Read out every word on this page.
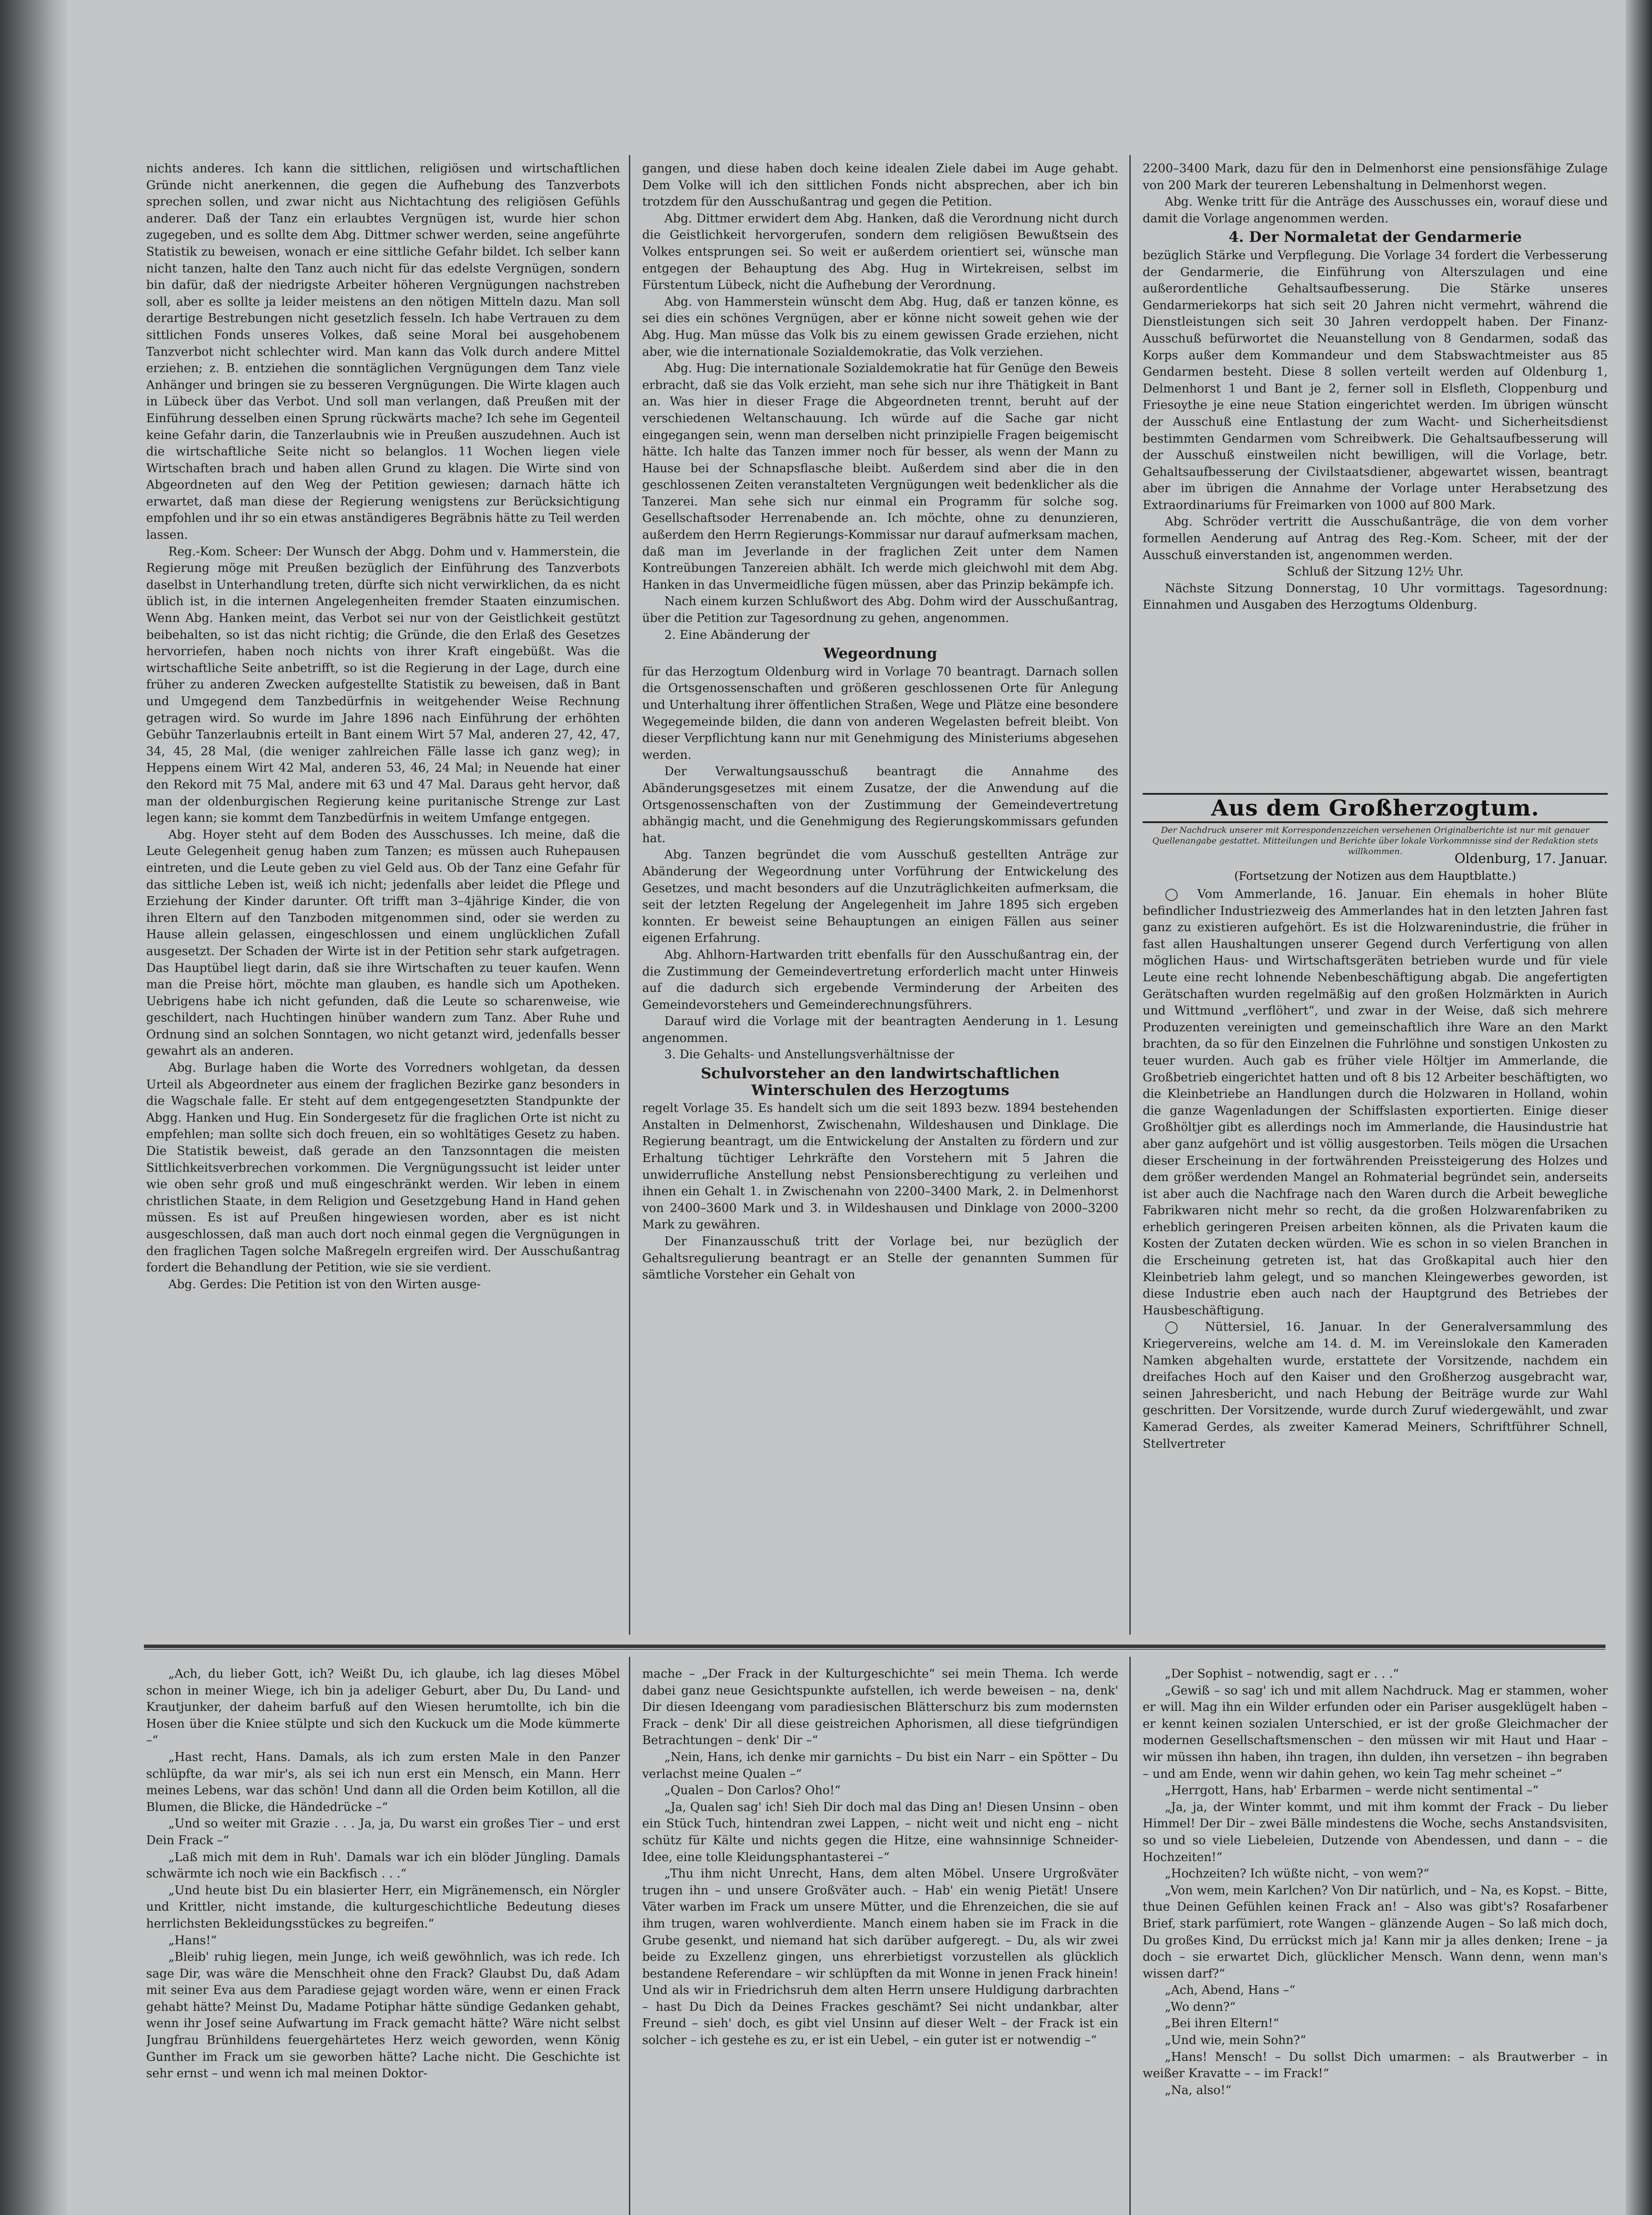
nichts anderes. Ich kann die sittlichen, religiösen und wirtschaftlichen Gründe nicht anerkennen, die gegen die Aufhebung des Tanzverbots sprechen sollen, und zwar nicht aus Nichtachtung des religiösen Gefühls anderer. Daß der Tanz ein erlaubtes Vergnügen ist, wurde hier schon zugegeben, und es sollte dem Abg. Dittmer schwer werden, seine angeführte Statistik zu beweisen, wonach er eine sittliche Gefahr bildet. Ich selber kann nicht tanzen, halte den Tanz auch nicht für das edelste Vergnügen, sondern bin dafür, daß der niedrigste Arbeiter höheren Vergnügungen nachstreben soll, aber es sollte ja leider meistens an den nötigen Mitteln dazu. Man soll derartige Bestrebungen nicht gesetzlich fesseln. Ich habe Vertrauen zu dem sittlichen Fonds unseres Volkes, daß seine Moral bei ausgehobenem Tanzverbot nicht schlechter wird. Man kann das Volk durch andere Mittel erziehen; z. B. entziehen die sonntäglichen Vergnügungen dem Tanz viele Anhänger und bringen sie zu besseren Vergnügungen. Die Wirte klagen auch in Lübeck über das Verbot. Und soll man verlangen, daß Preußen mit der Einführung desselben einen Sprung rückwärts mache? Ich sehe im Gegenteil keine Gefahr darin, die Tanzerlaubnis wie in Preußen auszudehnen. Auch ist die wirtschaftliche Seite nicht so belanglos. 11 Wochen liegen viele Wirtschaften brach und haben allen Grund zu klagen. Die Wirte sind von Abgeordneten auf den Weg der Petition gewiesen; darnach hätte ich erwartet, daß man diese der Regierung wenigstens zur Berücksichtigung empfohlen und ihr so ein etwas anständigeres Begräbnis hätte zu Teil werden lassen.

Reg.-Kom. Scheer: Der Wunsch der Abgg. Dohm und v. Hammerstein, die Regierung möge mit Preußen bezüglich der Einführung des Tanzverbots daselbst in Unterhandlung treten, dürfte sich nicht verwirklichen, da es nicht üblich ist, in die internen Angelegenheiten fremder Staaten einzumischen. Wenn Abg. Hanken meint, das Verbot sei nur von der Geistlichkeit gestützt beibehalten, so ist das nicht richtig; die Gründe, die den Erlaß des Gesetzes hervorriefen, haben noch nichts von ihrer Kraft eingebüßt. Was die wirtschaftliche Seite anbetrifft, so ist die Regierung in der Lage, durch eine früher zu anderen Zwecken aufgestellte Statistik zu beweisen, daß in Bant und Umgegend dem Tanzbedürfnis in weitgehender Weise Rechnung getragen wird. So wurde im Jahre 1896 nach Einführung der erhöhten Gebühr Tanzerlaubnis erteilt in Bant einem Wirt 57 Mal, anderen 27, 42, 47, 34, 45, 28 Mal, (die weniger zahlreichen Fälle lasse ich ganz weg); in Heppens einem Wirt 42 Mal, anderen 53, 46, 24 Mal; in Neuende hat einer den Rekord mit 75 Mal, andere mit 63 und 47 Mal. Daraus geht hervor, daß man der oldenburgischen Regierung keine puritanische Strenge zur Last legen kann; sie kommt dem Tanzbedürfnis in weitem Umfange entgegen.

Abg. Hoyer steht auf dem Boden des Ausschusses. Ich meine, daß die Leute Gelegenheit genug haben zum Tanzen; es müssen auch Ruhepausen eintreten, und die Leute geben zu viel Geld aus. Ob der Tanz eine Gefahr für das sittliche Leben ist, weiß ich nicht; jedenfalls aber leidet die Pflege und Erziehung der Kinder darunter. Oft trifft man 3–4jährige Kinder, die von ihren Eltern auf den Tanzboden mitgenommen sind, oder sie werden zu Hause allein gelassen, eingeschlossen und einem unglücklichen Zufall ausgesetzt. Der Schaden der Wirte ist in der Petition sehr stark aufgetragen. Das Hauptübel liegt darin, daß sie ihre Wirtschaften zu teuer kaufen. Wenn man die Preise hört, möchte man glauben, es handle sich um Apotheken. Uebrigens habe ich nicht gefunden, daß die Leute so scharenweise, wie geschildert, nach Huchtingen hinüber wandern zum Tanz. Aber Ruhe und Ordnung sind an solchen Sonntagen, wo nicht getanzt wird, jedenfalls besser gewahrt als an anderen.

Abg. Burlage haben die Worte des Vorredners wohlgetan, da dessen Urteil als Abgeordneter aus einem der fraglichen Bezirke ganz besonders in die Wagschale falle. Er steht auf dem entgegengesetzten Standpunkte der Abgg. Hanken und Hug. Ein Sondergesetz für die fraglichen Orte ist nicht zu empfehlen; man sollte sich doch freuen, ein so wohltätiges Gesetz zu haben. Die Statistik beweist, daß gerade an den Tanzsonntagen die meisten Sittlichkeitsverbrechen vorkommen. Die Vergnügungssucht ist leider unter wie oben sehr groß und muß eingeschränkt werden. Wir leben in einem christlichen Staate, in dem Religion und Gesetzgebung Hand in Hand gehen müssen. Es ist auf Preußen hingewiesen worden, aber es ist nicht ausgeschlossen, daß man auch dort noch einmal gegen die Vergnügungen in den fraglichen Tagen solche Maßregeln ergreifen wird. Der Ausschußantrag fordert die Behandlung der Petition, wie sie sie verdient.

Abg. Gerdes: Die Petition ist von den Wirten ausge-

gangen, und diese haben doch keine idealen Ziele dabei im Auge gehabt. Dem Volke will ich den sittlichen Fonds nicht absprechen, aber ich bin trotzdem für den Ausschußantrag und gegen die Petition.

Abg. Dittmer erwidert dem Abg. Hanken, daß die Verordnung nicht durch die Geistlichkeit hervorgerufen, sondern dem religiösen Bewußtsein des Volkes entsprungen sei. So weit er außerdem orientiert sei, wünsche man entgegen der Behauptung des Abg. Hug in Wirtekreisen, selbst im Fürstentum Lübeck, nicht die Aufhebung der Verordnung.

Abg. von Hammerstein wünscht dem Abg. Hug, daß er tanzen könne, es sei dies ein schönes Vergnügen, aber er könne nicht soweit gehen wie der Abg. Hug. Man müsse das Volk bis zu einem gewissen Grade erziehen, nicht aber, wie die internationale Sozialdemokratie, das Volk verziehen.

Abg. Hug: Die internationale Sozialdemokratie hat für Genüge den Beweis erbracht, daß sie das Volk erzieht, man sehe sich nur ihre Thätigkeit in Bant an. Was hier in dieser Frage die Abgeordneten trennt, beruht auf der verschiedenen Weltanschauung. Ich würde auf die Sache gar nicht eingegangen sein, wenn man derselben nicht prinzipielle Fragen beigemischt hätte. Ich halte das Tanzen immer noch für besser, als wenn der Mann zu Hause bei der Schnapsflasche bleibt. Außerdem sind aber die in den geschlossenen Zeiten veranstalteten Vergnügungen weit bedenklicher als die Tanzerei. Man sehe sich nur einmal ein Programm für solche sog. Gesellschaftsoder Herrenabende an. Ich möchte, ohne zu denunzieren, außerdem den Herrn Regierungs-Kommissar nur darauf aufmerksam machen, daß man im Jeverlande in der fraglichen Zeit unter dem Namen Kontreübungen Tanzereien abhält. Ich werde mich gleichwohl mit dem Abg. Hanken in das Unvermeidliche fügen müssen, aber das Prinzip bekämpfe ich.

Nach einem kurzen Schlußwort des Abg. Dohm wird der Ausschußantrag, über die Petition zur Tagesordnung zu gehen, angenommen.

2. Eine Abänderung der

Wegeordnung

für das Herzogtum Oldenburg wird in Vorlage 70 beantragt. Darnach sollen die Ortsgenossenschaften und größeren geschlossenen Orte für Anlegung und Unterhaltung ihrer öffentlichen Straßen, Wege und Plätze eine besondere Wegegemeinde bilden, die dann von anderen Wegelasten befreit bleibt. Von dieser Verpflichtung kann nur mit Genehmigung des Ministeriums abgesehen werden.

Der Verwaltungsausschuß beantragt die Annahme des Abänderungsgesetzes mit einem Zusatze, der die Anwendung auf die Ortsgenossenschaften von der Zustimmung der Gemeindevertretung abhängig macht, und die Genehmigung des Regierungskommissars gefunden hat.

Abg. Tanzen begründet die vom Ausschuß gestellten Anträge zur Abänderung der Wegeordnung unter Vorführung der Entwickelung des Gesetzes, und macht besonders auf die Unzuträglichkeiten aufmerksam, die seit der letzten Regelung der Angelegenheit im Jahre 1895 sich ergeben konnten. Er beweist seine Behauptungen an einigen Fällen aus seiner eigenen Erfahrung.

Abg. Ahlhorn-Hartwarden tritt ebenfalls für den Ausschußantrag ein, der die Zustimmung der Gemeindevertretung erforderlich macht unter Hinweis auf die dadurch sich ergebende Verminderung der Arbeiten des Gemeindevorstehers und Gemeinderechnungsführers.

Darauf wird die Vorlage mit der beantragten Aenderung in 1. Lesung angenommen.

3. Die Gehalts- und Anstellungsverhältnisse der

Schulvorsteher an den landwirtschaftlichen Winterschulen des Herzogtums

regelt Vorlage 35. Es handelt sich um die seit 1893 bezw. 1894 bestehenden Anstalten in Delmenhorst, Zwischenahn, Wildeshausen und Dinklage. Die Regierung beantragt, um die Entwickelung der Anstalten zu fördern und zur Erhaltung tüchtiger Lehrkräfte den Vorstehern mit 5 Jahren die unwiderrufliche Anstellung nebst Pensionsberechtigung zu verleihen und ihnen ein Gehalt 1. in Zwischenahn von 2200–3400 Mark, 2. in Delmenhorst von 2400–3600 Mark und 3. in Wildeshausen und Dinklage von 2000–3200 Mark zu gewähren.

Der Finanzausschuß tritt der Vorlage bei, nur bezüglich der Gehaltsregulierung beantragt er an Stelle der genannten Summen für sämtliche Vorsteher ein Gehalt von

2200–3400 Mark, dazu für den in Delmenhorst eine pensionsfähige Zulage von 200 Mark der teureren Lebenshaltung in Delmenhorst wegen.

Abg. Wenke tritt für die Anträge des Ausschusses ein, worauf diese und damit die Vorlage angenommen werden.

4. Der Normaletat der Gendarmerie

bezüglich Stärke und Verpflegung. Die Vorlage 34 fordert die Verbesserung der Gendarmerie, die Einführung von Alterszulagen und eine außerordentliche Gehaltsaufbesserung. Die Stärke unseres Gendarmeriekorps hat sich seit 20 Jahren nicht vermehrt, während die Dienstleistungen sich seit 30 Jahren verdoppelt haben. Der Finanz-Ausschuß befürwortet die Neuanstellung von 8 Gendarmen, sodaß das Korps außer dem Kommandeur und dem Stabswachtmeister aus 85 Gendarmen besteht. Diese 8 sollen verteilt werden auf Oldenburg 1, Delmenhorst 1 und Bant je 2, ferner soll in Elsfleth, Cloppenburg und Friesoythe je eine neue Station eingerichtet werden. Im übrigen wünscht der Ausschuß eine Entlastung der zum Wacht- und Sicherheitsdienst bestimmten Gendarmen vom Schreibwerk. Die Gehaltsaufbesserung will der Ausschuß einstweilen nicht bewilligen, will die Vorlage, betr. Gehaltsaufbesserung der Civilstaatsdiener, abgewartet wissen, beantragt aber im übrigen die Annahme der Vorlage unter Herabsetzung des Extraordinariums für Freimarken von 1000 auf 800 Mark.

Abg. Schröder vertritt die Ausschußanträge, die von dem vorher formellen Aenderung auf Antrag des Reg.-Kom. Scheer, mit der der Ausschuß einverstanden ist, angenommen werden.

Schluß der Sitzung 12½ Uhr.

Nächste Sitzung Donnerstag, 10 Uhr vormittags. Tagesordnung: Einnahmen und Ausgaben des Herzogtums Oldenburg.

Aus dem Großherzogtum.
Der Nachdruck unserer mit Korrespondenzzeichen versehenen Originalberichte ist nur mit genauer Quellenangabe gestattet. Mitteilungen und Berichte über lokale Vorkommnisse sind der Redaktion stets willkommen.	Oldenburg, 17. Januar.
(Fortsetzung der Notizen aus dem Hauptblatte.)

◯ Vom Ammerlande, 16. Januar. Ein ehemals in hoher Blüte befindlicher Industriezweig des Ammerlandes hat in den letzten Jahren fast ganz zu existieren aufgehört. Es ist die Holzwarenindustrie, die früher in fast allen Haushaltungen unserer Gegend durch Verfertigung von allen möglichen Haus- und Wirtschaftsgeräten betrieben wurde und für viele Leute eine recht lohnende Nebenbeschäftigung abgab. Die angefertigten Gerätschaften wurden regelmäßig auf den großen Holzmärkten in Aurich und Wittmund „verflöhert“, und zwar in der Weise, daß sich mehrere Produzenten vereinigten und gemeinschaftlich ihre Ware an den Markt brachten, da so für den Einzelnen die Fuhrlöhne und sonstigen Unkosten zu teuer wurden. Auch gab es früher viele Höltjer im Ammerlande, die Großbetrieb eingerichtet hatten und oft 8 bis 12 Arbeiter beschäftigten, wo die Kleinbetriebe an Handlungen durch die Holzwaren in Holland, wohin die ganze Wagenladungen der Schiffslasten exportierten. Einige dieser Großhöltjer gibt es allerdings noch im Ammerlande, die Hausindustrie hat aber ganz aufgehört und ist völlig ausgestorben. Teils mögen die Ursachen dieser Erscheinung in der fortwährenden Preissteigerung des Holzes und dem größer werdenden Mangel an Rohmaterial begründet sein, anderseits ist aber auch die Nachfrage nach den Waren durch die Arbeit bewegliche Fabrikwaren nicht mehr so recht, da die großen Holzwarenfabriken zu erheblich geringeren Preisen arbeiten können, als die Privaten kaum die Kosten der Zutaten decken würden. Wie es schon in so vielen Branchen in die Erscheinung getreten ist, hat das Großkapital auch hier den Kleinbetrieb lahm gelegt, und so manchen Kleingewerbes geworden, ist diese Industrie eben auch nach der Hauptgrund des Betriebes der Hausbeschäftigung.

◯ Nüttersiel, 16. Januar. In der Generalversammlung des Kriegervereins, welche am 14. d. M. im Vereinslokale den Kameraden Namken abgehalten wurde, erstattete der Vorsitzende, nachdem ein dreifaches Hoch auf den Kaiser und den Großherzog ausgebracht war, seinen Jahresbericht, und nach Hebung der Beiträge wurde zur Wahl geschritten. Der Vorsitzende, wurde durch Zuruf wiedergewählt, und zwar Kamerad Gerdes, als zweiter Kamerad Meiners, Schriftführer Schnell, Stellvertreter

„Ach, du lieber Gott, ich? Weißt Du, ich glaube, ich lag dieses Möbel schon in meiner Wiege, ich bin ja adeliger Geburt, aber Du, Du Land- und Krautjunker, der daheim barfuß auf den Wiesen herumtollte, ich bin die Hosen über die Kniee stülpte und sich den Kuckuck um die Mode kümmerte –“

„Hast recht, Hans. Damals, als ich zum ersten Male in den Panzer schlüpfte, da war mir's, als sei ich nun erst ein Mensch, ein Mann. Herr meines Lebens, war das schön! Und dann all die Orden beim Kotillon, all die Blumen, die Blicke, die Händedrücke –“

„Und so weiter mit Grazie . . . Ja, ja, Du warst ein großes Tier – und erst Dein Frack –“

„Laß mich mit dem in Ruh'. Damals war ich ein blöder Jüngling. Damals schwärmte ich noch wie ein Backfisch . . .“

„Und heute bist Du ein blasierter Herr, ein Migränemensch, ein Nörgler und Krittler, nicht imstande, die kulturgeschichtliche Bedeutung dieses herrlichsten Bekleidungsstückes zu begreifen.“

„Hans!“

„Bleib' ruhig liegen, mein Junge, ich weiß gewöhnlich, was ich rede. Ich sage Dir, was wäre die Menschheit ohne den Frack? Glaubst Du, daß Adam mit seiner Eva aus dem Paradiese gejagt worden wäre, wenn er einen Frack gehabt hätte? Meinst Du, Madame Potiphar hätte sündige Gedanken gehabt, wenn ihr Josef seine Aufwartung im Frack gemacht hätte? Wäre nicht selbst Jungfrau Brünhildens feuergehärtetes Herz weich geworden, wenn König Gunther im Frack um sie geworben hätte? Lache nicht. Die Geschichte ist sehr ernst – und wenn ich mal meinen Doktor-

mache – „Der Frack in der Kulturgeschichte“ sei mein Thema. Ich werde dabei ganz neue Gesichtspunkte aufstellen, ich werde beweisen – na, denk' Dir diesen Ideengang vom paradiesischen Blätterschurz bis zum modernsten Frack – denk' Dir all diese geistreichen Aphorismen, all diese tiefgründigen Betrachtungen – denk' Dir –“

„Nein, Hans, ich denke mir garnichts – Du bist ein Narr – ein Spötter – Du verlachst meine Qualen –“

„Qualen – Don Carlos? Oho!“

„Ja, Qualen sag' ich! Sieh Dir doch mal das Ding an! Diesen Unsinn – oben ein Stück Tuch, hintendran zwei Lappen, – nicht weit und nicht eng – nicht schütz für Kälte und nichts gegen die Hitze, eine wahnsinnige Schneider-Idee, eine tolle Kleidungsphantasterei –“

„Thu ihm nicht Unrecht, Hans, dem alten Möbel. Unsere Urgroßväter trugen ihn – und unsere Großväter auch. – Hab' ein wenig Pietät! Unsere Väter warben im Frack um unsere Mütter, und die Ehrenzeichen, die sie auf ihm trugen, waren wohlverdiente. Manch einem haben sie im Frack in die Grube gesenkt, und niemand hat sich darüber aufgeregt. – Du, als wir zwei beide zu Exzellenz gingen, uns ehrerbietigst vorzustellen als glücklich bestandene Referendare – wir schlüpften da mit Wonne in jenen Frack hinein! Und als wir in Friedrichsruh dem alten Herrn unsere Huldigung darbrachten – hast Du Dich da Deines Frackes geschämt? Sei nicht undankbar, alter Freund – sieh' doch, es gibt viel Unsinn auf dieser Welt – der Frack ist ein solcher – ich gestehe es zu, er ist ein Uebel, – ein guter ist er notwendig –“

„Der Sophist – notwendig, sagt er . . .“

„Gewiß – so sag' ich und mit allem Nachdruck. Mag er stammen, woher er will. Mag ihn ein Wilder erfunden oder ein Pariser ausgeklügelt haben – er kennt keinen sozialen Unterschied, er ist der große Gleichmacher der modernen Gesellschaftsmenschen – den müssen wir mit Haut und Haar – wir müssen ihn haben, ihn tragen, ihn dulden, ihn versetzen – ihn begraben – und am Ende, wenn wir dahin gehen, wo kein Tag mehr scheinet –“

„Herrgott, Hans, hab' Erbarmen – werde nicht sentimental –“

„Ja, ja, der Winter kommt, und mit ihm kommt der Frack – Du lieber Himmel! Der Dir – zwei Bälle mindestens die Woche, sechs Anstandsvisiten, so und so viele Liebeleien, Dutzende von Abendessen, und dann – – die Hochzeiten!“

„Hochzeiten? Ich wüßte nicht, – von wem?“

„Von wem, mein Karlchen? Von Dir natürlich, und – Na, es Kopst. – Bitte, thue Deinen Gefühlen keinen Frack an! – Also was gibt's? Rosafarbener Brief, stark parfümiert, rote Wangen – glänzende Augen – So laß mich doch, Du großes Kind, Du errückst mich ja! Kann mir ja alles denken; Irene – ja doch – sie erwartet Dich, glücklicher Mensch. Wann denn, wenn man's wissen darf?“

„Ach, Abend, Hans –“

„Wo denn?“

„Bei ihren Eltern!“

„Und wie, mein Sohn?“

„Hans! Mensch! – Du sollst Dich umarmen: – als Brautwerber – in weißer Kravatte – – im Frack!“

„Na, also!“
